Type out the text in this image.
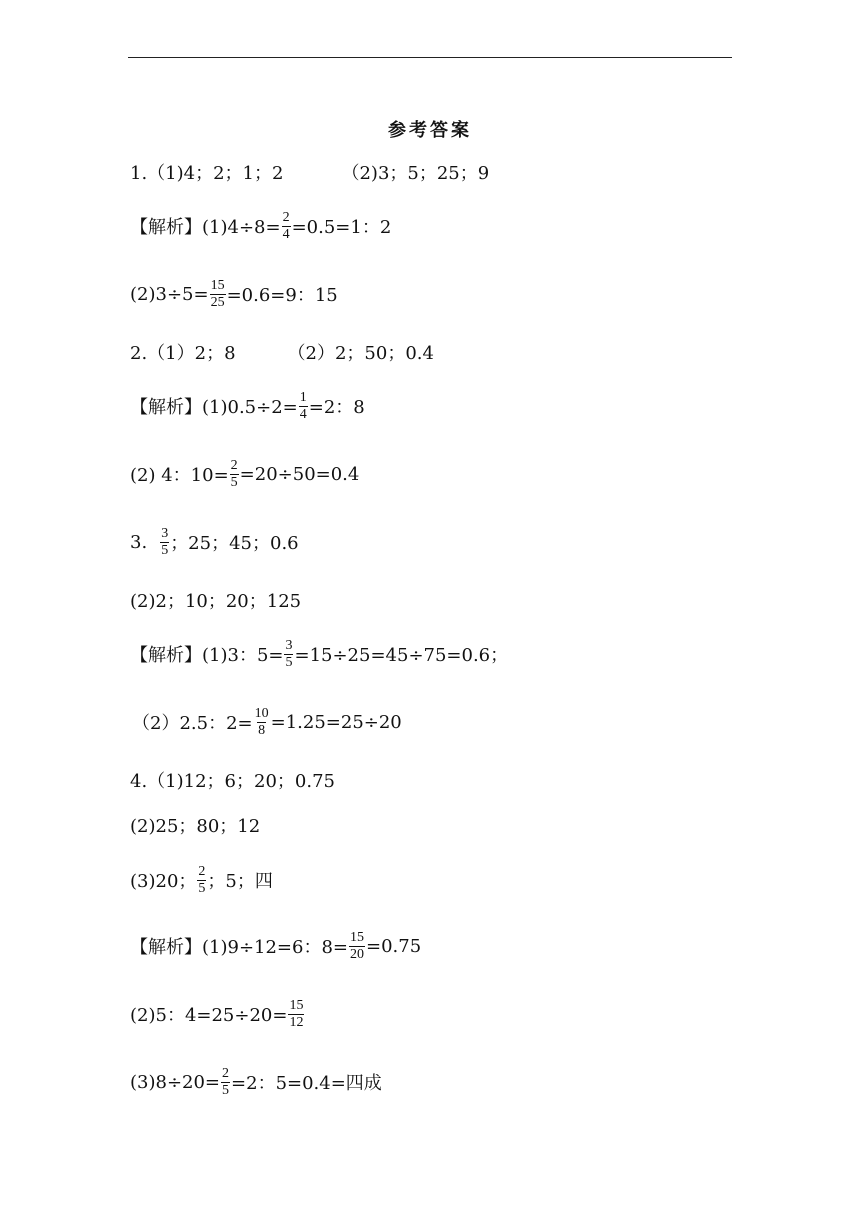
参考答案
1.（1)4；2；1；2	（2)3；5；25；9
【解析】$(1)4\div 8= \frac{2}{4} =0.5=1$：2
$(2)3\div 5= \frac{15}{25} =0.6=9$：15
2.（1）2；8	（2）2；50；0.4
【解析】$(1)0.5\div 2= \frac{1}{4} =2$：8
(2) 4：$10= \frac{2}{5} =20\div 50=0.4$
3. $\frac{3}{5}$ ；25；45；0.6
(2)2；10；20；125
【解析】(1)3：$5= \frac{3}{5} =15\div 25=45\div 75=0.6$；
（2）2.5：$2= \frac{10}{8} =1.25=25\div 20$
4.（1)12；6；20；0.75
(2)25；80；12
(3)20； $\frac{2}{5}$ ；5；四
【解析】(1)9÷12=6：$8= \frac{15}{20} =0.75$
(2)5：$4=25\div 20= \frac{15}{12}$
$(3)8\div 20= \frac{2}{5} =2$：5=0.4=四成
